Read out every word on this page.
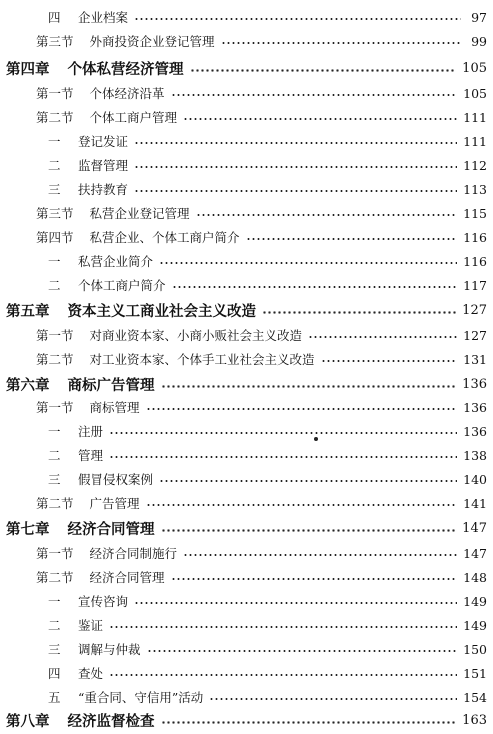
四	企业档案	97
第三节 外商投资企业登记管理	99
第四章 个体私营经济管理	105
第一节 个体经济沿革	105
第二节 个体工商户管理	111
一	登记发证	111
二	监督管理	112
三	扶持教育	113
第三节 私营企业登记管理	115
第四节 私营企业、个体工商户简介	116
一	私营企业简介	116
二	个体工商户简介	117
第五章 资本主义工商业社会主义改造	127
第一节 对商业资本家、小商小贩社会主义改造	127
第二节 对工业资本家、个体手工业社会主义改造	131
第六章 商标广告管理	136
第一节 商标管理	136
一	注册	136
二	管理	138
三	假冒侵权案例	140
第二节 广告管理	141
第七章 经济合同管理	147
第一节 经济合同制施行	147
第二节 经济合同管理	148
一	宣传咨询	149
二	鉴证	149
三	调解与仲裁	150
四	查处	151
五	“重合同、守信用”活动	154
第八章 经济监督检查	163
